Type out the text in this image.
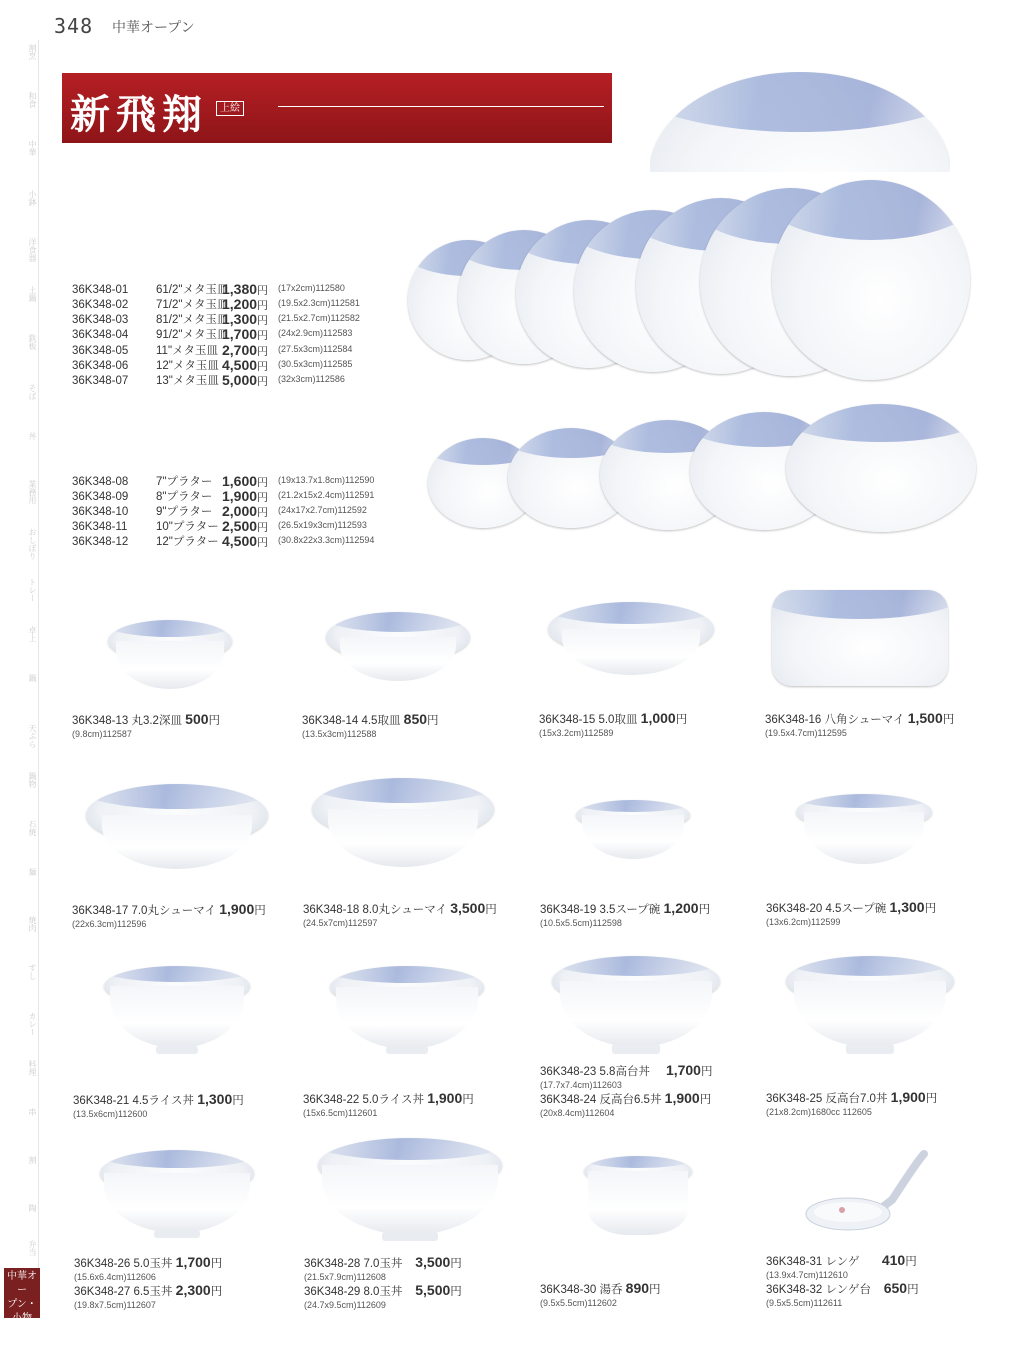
348 中華オープン
割烹
和食
中華
小鉢
洋食器
土鍋
鉄板
そば
丼
業務用
おしぼり
トレー
卓上
鍋
天ぷら
鍋物
石焼
麺
焼肉
すし
カレー
料理
串
割
陶
弁当
中華オー
プン・小物
新飛翔	上絵
36K348-01 61/2"メタ玉皿
1,380円 (17x2cm)112580
36K348-02 71/2"メタ玉皿
1,200円 (19.5x2.3cm)112581
36K348-03 81/2"メタ玉皿
1,300円 (21.5x2.7cm)112582
36K348-04 91/2"メタ玉皿
1,700円 (24x2.9cm)112583
36K348-05 11"メタ玉皿 2,700円 (27.5x3cm)112584
36K348-06 12"メタ玉皿 4,500円 (30.5x3cm)112585
36K348-07 13"メタ玉皿 5,000円 (32x3cm)112586
36K348-08 7"プラター 1,600円 (19x13.7x1.8cm)112590
36K348-09 8"プラター 1,900円 (21.2x15x2.4cm)112591
36K348-10 9"プラター 2,000円 (24x17x2.7cm)112592
36K348-11 10"プラター 2,500円 (26.5x19x3cm)112593
36K348-12 12"プラター 4,500円 (30.8x22x3.3cm)112594
36K348-13 丸3.2深皿 500円
(9.8cm)112587
36K348-14 4.5取皿 850円
(13.5x3cm)112588
36K348-15 5.0取皿 1,000円
(15x3.2cm)112589
36K348-16 八角シューマイ 1,500円
(19.5x4.7cm)112595
36K348-17 7.0丸シューマイ 1,900円
(22x6.3cm)112596
36K348-18 8.0丸シューマイ 3,500円
(24.5x7cm)112597
36K348-19 3.5スープ碗 1,200円
(10.5x5.5cm)112598
36K348-20 4.5スープ碗 1,300円
(13x6.2cm)112599
36K348-21 4.5ライス丼 1,300円
(13.5x6cm)112600
36K348-22 5.0ライス丼 1,900円
(15x6.5cm)112601
36K348-23 5.8高台丼 1,700円
(17.7x7.4cm)112603
36K348-24 反高台6.5丼 1,900円
(20x8.4cm)112604
36K348-25 反高台7.0丼 1,900円
(21x8.2cm)1680cc 112605
36K348-26 5.0玉丼 1,700円
(15.6x6.4cm)112606
36K348-27 6.5玉丼 2,300円
(19.8x7.5cm)112607
36K348-28 7.0玉丼 3,500円
(21.5x7.9cm)112608
36K348-29 8.0玉丼 5,500円
(24.7x9.5cm)112609
36K348-30 湯呑 890円
(9.5x5.5cm)112602
36K348-31 レンゲ 410円
(13.9x4.7cm)112610
36K348-32 レンゲ台 650円
(9.5x5.5cm)112611
